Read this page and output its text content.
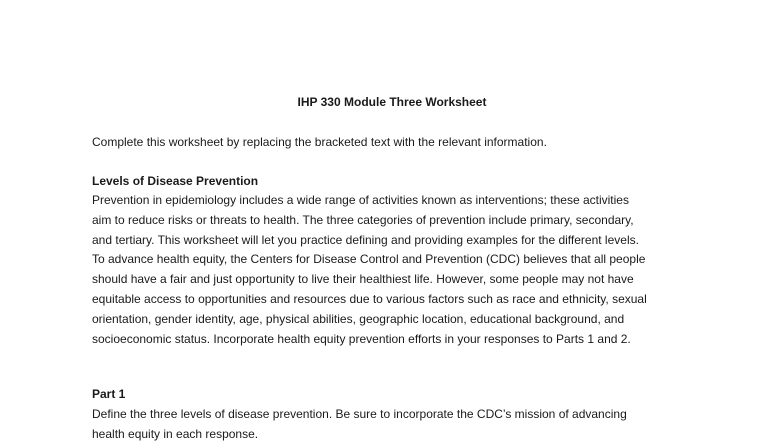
IHP 330 Module Three Worksheet
Complete this worksheet by replacing the bracketed text with the relevant information.
Levels of Disease Prevention
Prevention in epidemiology includes a wide range of activities known as interventions; these activities
aim to reduce risks or threats to health. The three categories of prevention include primary, secondary,
and tertiary. This worksheet will let you practice defining and providing examples for the different levels.
To advance health equity, the Centers for Disease Control and Prevention (CDC) believes that all people
should have a fair and just opportunity to live their healthiest life. However, some people may not have
equitable access to opportunities and resources due to various factors such as race and ethnicity, sexual
orientation, gender identity, age, physical abilities, geographic location, educational background, and
socioeconomic status. Incorporate health equity prevention efforts in your responses to Parts 1 and 2.
Part 1
Define the three levels of disease prevention. Be sure to incorporate the CDC’s mission of advancing
health equity in each response.
